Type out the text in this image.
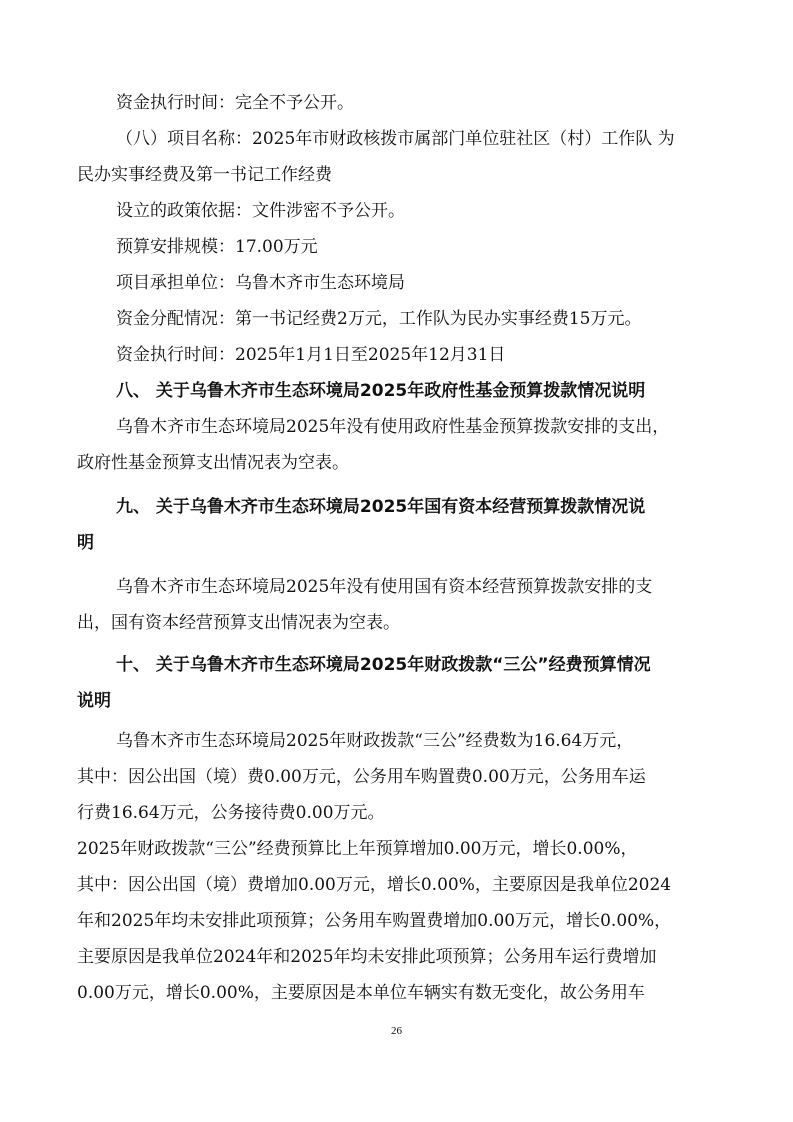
资金执行时间：完全不予公开。
（八）项目名称：2025年市财政核拨市属部门单位驻社区（村）工作队 为
民办实事经费及第一书记工作经费
设立的政策依据：文件涉密不予公开。
预算安排规模：17.00万元
项目承担单位：乌鲁木齐市生态环境局
资金分配情况：第一书记经费2万元，工作队为民办实事经费15万元。
资金执行时间：2025年1月1日至2025年12月31日
八、 关于乌鲁木齐市生态环境局2025年政府性基金预算拨款情况说明
乌鲁木齐市生态环境局2025年没有使用政府性基金预算拨款安排的支出，
政府性基金预算支出情况表为空表。
九、 关于乌鲁木齐市生态环境局2025年国有资本经营预算拨款情况说
明
乌鲁木齐市生态环境局2025年没有使用国有资本经营预算拨款安排的支
出，国有资本经营预算支出情况表为空表。
十、 关于乌鲁木齐市生态环境局2025年财政拨款“三公”经费预算情况
说明
乌鲁木齐市生态环境局2025年财政拨款“三公”经费数为16.64万元，
其中：因公出国（境）费0.00万元，公务用车购置费0.00万元，公务用车运
行费16.64万元，公务接待费0.00万元。
2025年财政拨款“三公”经费预算比上年预算增加0.00万元，增长0.00%，
其中：因公出国（境）费增加0.00万元，增长0.00%，主要原因是我单位2024
年和2025年均未安排此项预算；公务用车购置费增加0.00万元，增长0.00%，
主要原因是我单位2024年和2025年均未安排此项预算；公务用车运行费增加
0.00万元，增长0.00%，主要原因是本单位车辆实有数无变化，故公务用车
26
